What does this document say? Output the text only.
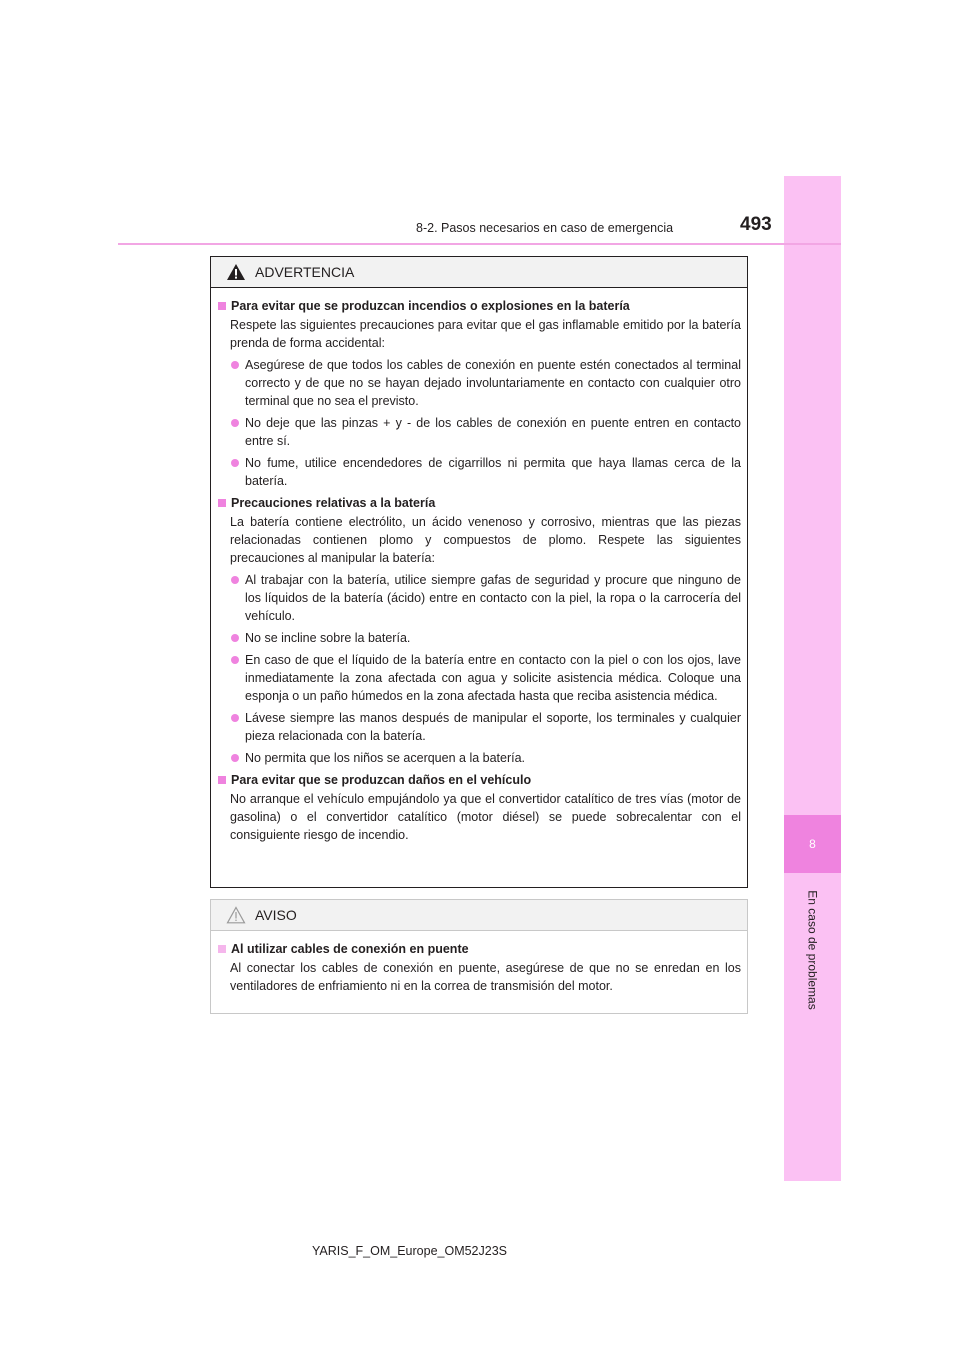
8
En caso de problemas
8-2. Pasos necesarios en caso de emergencia	493
ADVERTENCIA
Para evitar que se produzcan incendios o explosiones en la batería
Respete las siguientes precauciones para evitar que el gas inflamable emitido por la batería prenda de forma accidental:
Asegúrese de que todos los cables de conexión en puente estén conectados al terminal correcto y de que no se hayan dejado involuntariamente en contacto con cualquier otro terminal que no sea el previsto.
No deje que las pinzas + y - de los cables de conexión en puente entren en contacto entre sí.
No fume, utilice encendedores de cigarrillos ni permita que haya llamas cerca de la batería.
Precauciones relativas a la batería
La batería contiene electrólito, un ácido venenoso y corrosivo, mientras que las piezas relacionadas contienen plomo y compuestos de plomo. Respete las siguientes precauciones al manipular la batería:
Al trabajar con la batería, utilice siempre gafas de seguridad y procure que ninguno de los líquidos de la batería (ácido) entre en contacto con la piel, la ropa o la carrocería del vehículo.
No se incline sobre la batería.
En caso de que el líquido de la batería entre en contacto con la piel o con los ojos, lave inmediatamente la zona afectada con agua y solicite asistencia médica. Coloque una esponja o un paño húmedos en la zona afectada hasta que reciba asistencia médica.
Lávese siempre las manos después de manipular el soporte, los terminales y cualquier pieza relacionada con la batería.
No permita que los niños se acerquen a la batería.
Para evitar que se produzcan daños en el vehículo
No arranque el vehículo empujándolo ya que el convertidor catalítico de tres vías (motor de gasolina) o el convertidor catalítico (motor diésel) se puede sobrecalentar con el consiguiente riesgo de incendio.
AVISO
Al utilizar cables de conexión en puente
Al conectar los cables de conexión en puente, asegúrese de que no se enredan en los ventiladores de enfriamiento ni en la correa de transmisión del motor.
YARIS_F_OM_Europe_OM52J23S
